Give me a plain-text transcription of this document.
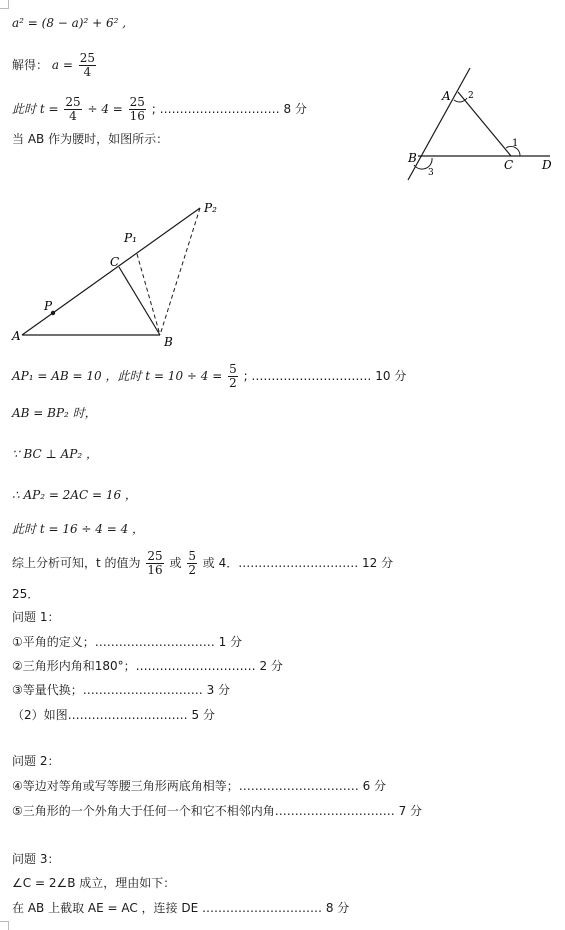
a² = (8 − a)² + 6² ,
解得： $a = \frac{25}{4}$
此时 $t = \frac{25}{4} \div 4 = \frac{25}{16}$ ; ………………………… 8 分
当 AB 作为腰时，如图所示：
A
B	C D
1
2
3
A	B
C
P
P₁
P₂
AP₁ = AB = 10 ，此时 $t = 10 \div 4 = \frac{5}{2}$ ; ………………………… 10 分
AB = BP₂ 时，
∵ BC ⊥ AP₂ ，
∴ AP₂ = 2AC = 16 ，
此时 t = 16 ÷ 4 = 4 ，
综上分析可知，t 的值为 $\frac{25}{16}$ 或 $\frac{5}{2}$ 或 4．………………………… 12 分
25．
问题 1：
①平角的定义；………………………… 1 分
②三角形内角和180°；………………………… 2 分
③等量代换；………………………… 3 分
（2）如图………………………… 5 分
问题 2：
④等边对等角或写等腰三角形两底角相等；………………………… 6 分
⑤三角形的一个外角大于任何一个和它不相邻内角………………………… 7 分
问题 3：
∠C = 2∠B 成立，理由如下：
在 AB 上截取 AE = AC ，连接 DE ………………………… 8 分
